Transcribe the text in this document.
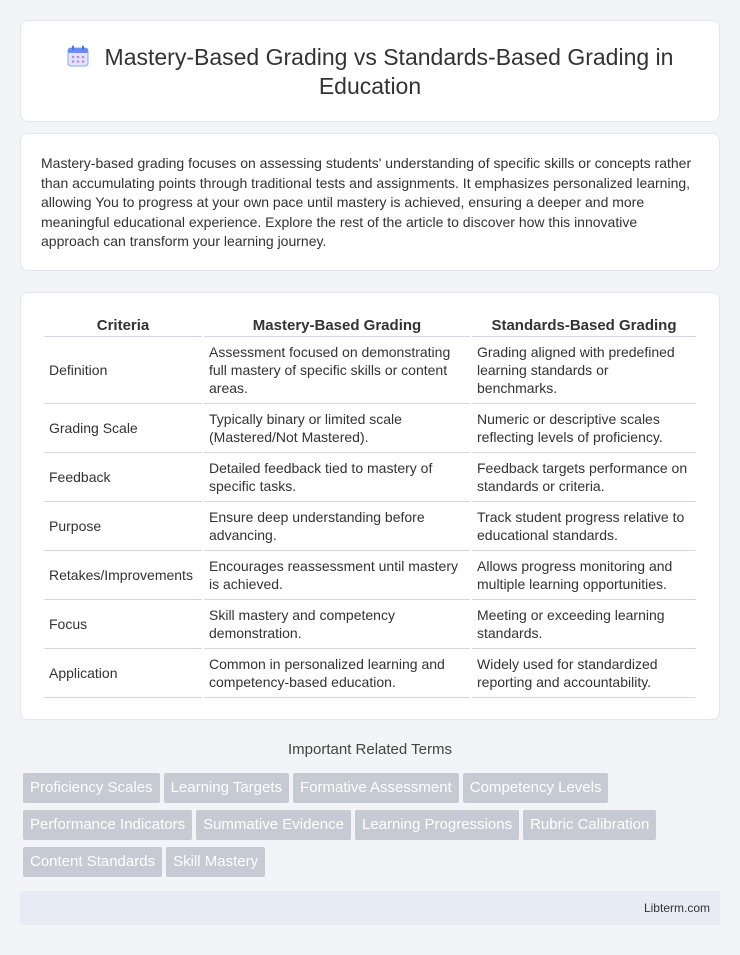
Mastery-Based Grading vs Standards-Based Grading in Education

Mastery-based grading focuses on assessing students' understanding of specific skills or concepts rather than accumulating points through traditional tests and assignments. It emphasizes personalized learning, allowing You to progress at your own pace until mastery is achieved, ensuring a deeper and more meaningful educational experience. Explore the rest of the article to discover how this innovative approach can transform your learning journey.

Criteria	Mastery-Based Grading	Standards-Based Grading
Definition	Assessment focused on demonstrating full mastery of specific skills or content areas.	Grading aligned with predefined learning standards or benchmarks.
Grading Scale	Typically binary or limited scale (Mastered/Not Mastered).	Numeric or descriptive scales reflecting levels of proficiency.
Feedback	Detailed feedback tied to mastery of specific tasks.	Feedback targets performance on standards or criteria.
Purpose	Ensure deep understanding before advancing.	Track student progress relative to educational standards.
Retakes/Improvements	Encourages reassessment until mastery is achieved.	Allows progress monitoring and multiple learning opportunities.
Focus	Skill mastery and competency demonstration.	Meeting or exceeding learning standards.
Application	Common in personalized learning and competency-based education.	Widely used for standardized reporting and accountability.
Important Related Terms
Proficiency Scales Learning Targets Formative Assessment Competency LevelsPerformance Indicators Summative Evidence Learning Progressions Rubric CalibrationContent Standards Skill Mastery
Libterm.com
